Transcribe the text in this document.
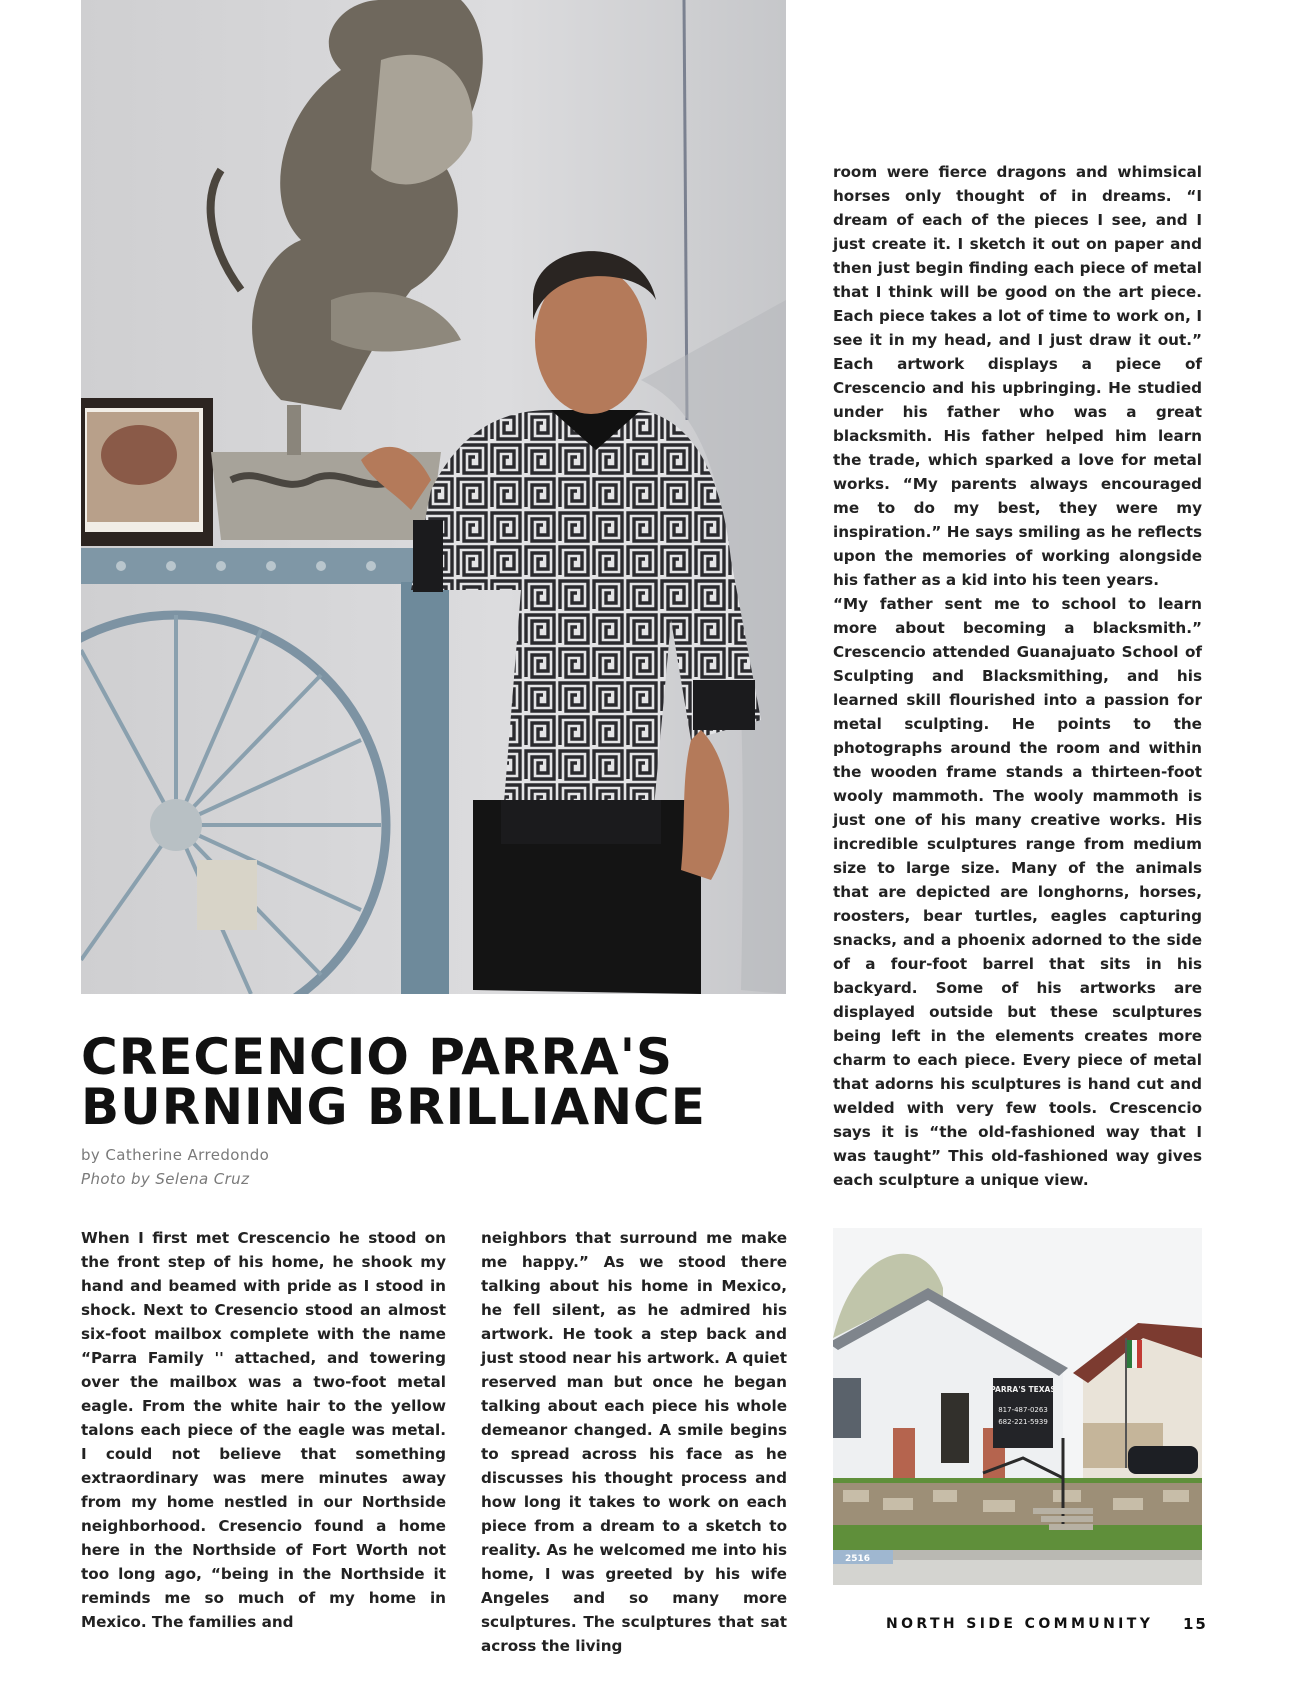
CRECENCIO PARRA'S
BURNING BRILLIANCE
by Catherine Arredondo
Photo by Selena Cruz

room were fierce dragons and whimsical horses only thought of in dreams. “I dream of each of the pieces I see, and I just create it. I sketch it out on paper and then just begin finding each piece of metal that I think will be good on the art piece. Each piece takes a lot of time to work on, I see it in my head, and I just draw it out.” Each artwork displays a piece of Crescencio and his upbringing. He studied under his father who was a great blacksmith. His father helped him learn the trade, which sparked a love for metal works. “My parents always encouraged me to do my best, they were my inspiration.” He says smiling as he reflects upon the memories of working alongside his father as a kid into his teen years.

“My father sent me to school to learn more about becoming a blacksmith.” Crescencio attended Guanajuato School of Sculpting and Blacksmithing, and his learned skill flourished into a passion for metal sculpting. He points to the photographs around the room and within the wooden frame stands a thirteen-foot wooly mammoth. The wooly mammoth is just one of his many creative works. His incredible sculptures range from medium size to large size. Many of the animals that are depicted are longhorns, horses, roosters, bear turtles, eagles capturing snacks, and a phoenix adorned to the side of a four-foot barrel that sits in his backyard. Some of his artworks are displayed outside but these sculptures being left in the elements creates more charm to each piece. Every piece of metal that adorns his sculptures is hand cut and welded with very few tools. Crescencio says it is “the old-fashioned way that I was taught” This old-fashioned way gives each sculpture a unique view.

When I first met Crescencio he stood on the front step of his home, he shook my hand and beamed with pride as I stood in shock. Next to Cresencio stood an almost six-foot mailbox complete with the name “Parra Family '' attached, and towering over the mailbox was a two-foot metal eagle. From the white hair to the yellow talons each piece of the eagle was metal. I could not believe that something extraordinary was mere minutes away from my home nestled in our Northside neighborhood. Cresencio found a home here in the Northside of Fort Worth not too long ago, “being in the Northside it reminds me so much of my home in Mexico. The families and

neighbors that surround me make me happy.” As we stood there talking about his home in Mexico, he fell silent, as he admired his artwork. He took a step back and just stood near his artwork. A quiet reserved man but once he began talking about each piece his whole demeanor changed. A smile begins to spread across his face as he discusses his thought process and how long it takes to work on each piece from a dream to a sketch to reality. As he welcomed me into his home, I was greeted by his wife Angeles and so many more sculptures. The sculptures that sat across the living

PARRA'S TEXAS
817-487-0263
682-221-5939
2516
NORTH SIDE COMMUNITY 15
